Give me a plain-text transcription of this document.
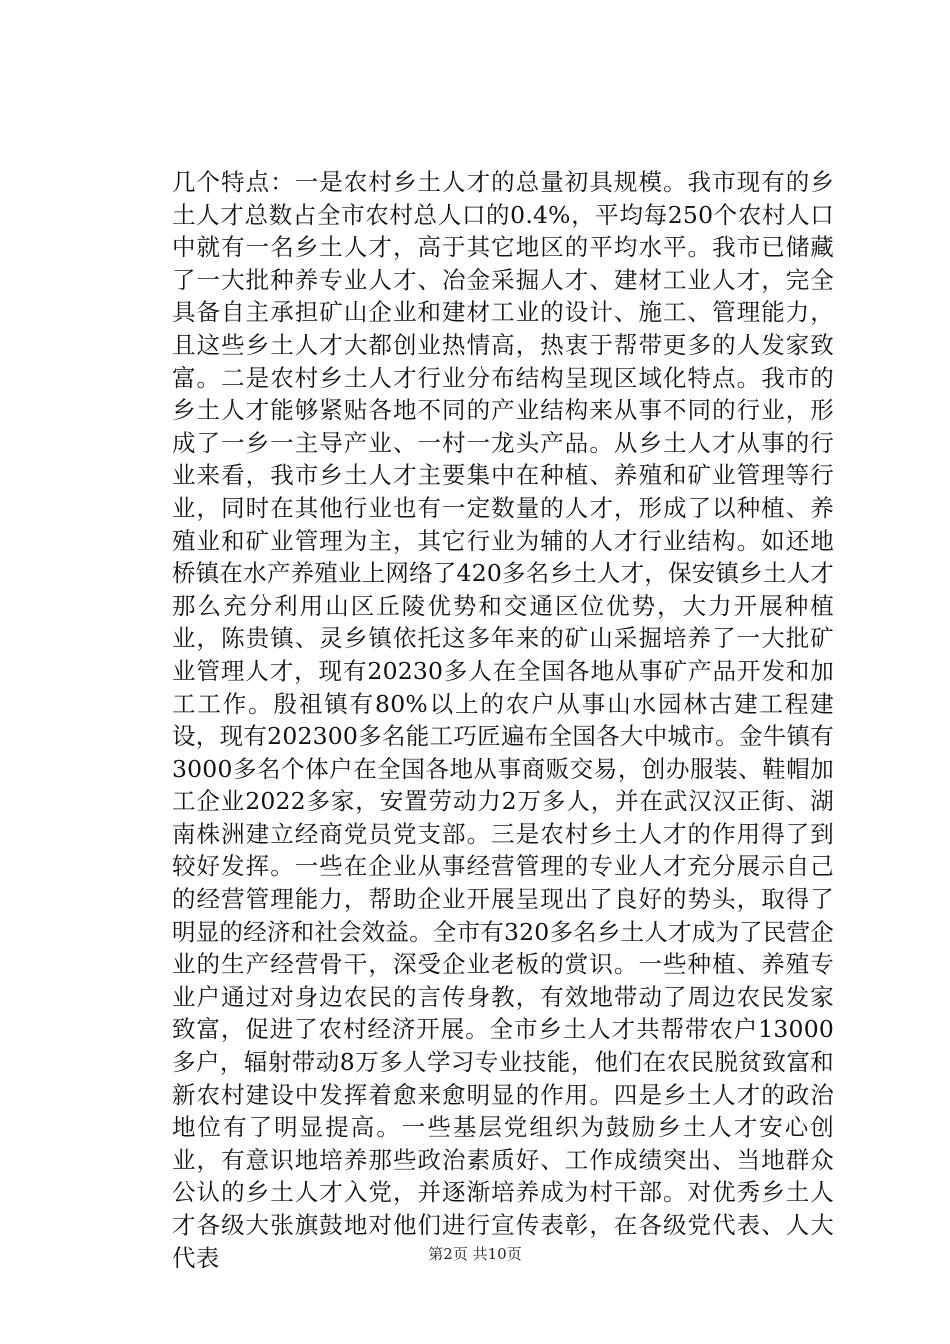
几个特点：一是农村乡土人才的总量初具规模。我市现有的乡土人才总数占全市农村总人口的0.4%，平均每250个农村人口中就有一名乡土人才，高于其它地区的平均水平。我市已储藏了一大批种养专业人才、冶金采掘人才、建材工业人才，完全具备自主承担矿山企业和建材工业的设计、施工、管理能力，且这些乡土人才大都创业热情高，热衷于帮带更多的人发家致富。二是农村乡土人才行业分布结构呈现区域化特点。我市的乡土人才能够紧贴各地不同的产业结构来从事不同的行业，形成了一乡一主导产业、一村一龙头产品。从乡土人才从事的行业来看，我市乡土人才主要集中在种植、养殖和矿业管理等行业，同时在其他行业也有一定数量的人才，形成了以种植、养殖业和矿业管理为主，其它行业为辅的人才行业结构。如还地桥镇在水产养殖业上网络了420多名乡土人才，保安镇乡土人才那么充分利用山区丘陵优势和交通区位优势，大力开展种植业，陈贵镇、灵乡镇依托这多年来的矿山采掘培养了一大批矿业管理人才，现有20230多人在全国各地从事矿产品开发和加工工作。殷祖镇有80%以上的农户从事山水园林古建工程建设，现有202300多名能工巧匠遍布全国各大中城市。金牛镇有3000多名个体户在全国各地从事商贩交易，创办服装、鞋帽加工企业2022多家，安置劳动力2万多人，并在武汉汉正街、湖南株洲建立经商党员党支部。三是农村乡土人才的作用得了到较好发挥。一些在企业从事经营管理的专业人才充分展示自己的经营管理能力，帮助企业开展呈现出了良好的势头，取得了明显的经济和社会效益。全市有320多名乡土人才成为了民营企业的生产经营骨干，深受企业老板的赏识。一些种植、养殖专业户通过对身边农民的言传身教，有效地带动了周边农民发家致富，促进了农村经济开展。全市乡土人才共帮带农户13000多户，辐射带动8万多人学习专业技能，他们在农民脱贫致富和新农村建设中发挥着愈来愈明显的作用。四是乡土人才的政治地位有了明显提高。一些基层党组织为鼓励乡土人才安心创业，有意识地培养那些政治素质好、工作成绩突出、当地群众公认的乡土人才入党，并逐渐培养成为村干部。对优秀乡土人才各级大张旗鼓地对他们进行宣传表彰，在各级党代表、人大代表	第2页 共10页
